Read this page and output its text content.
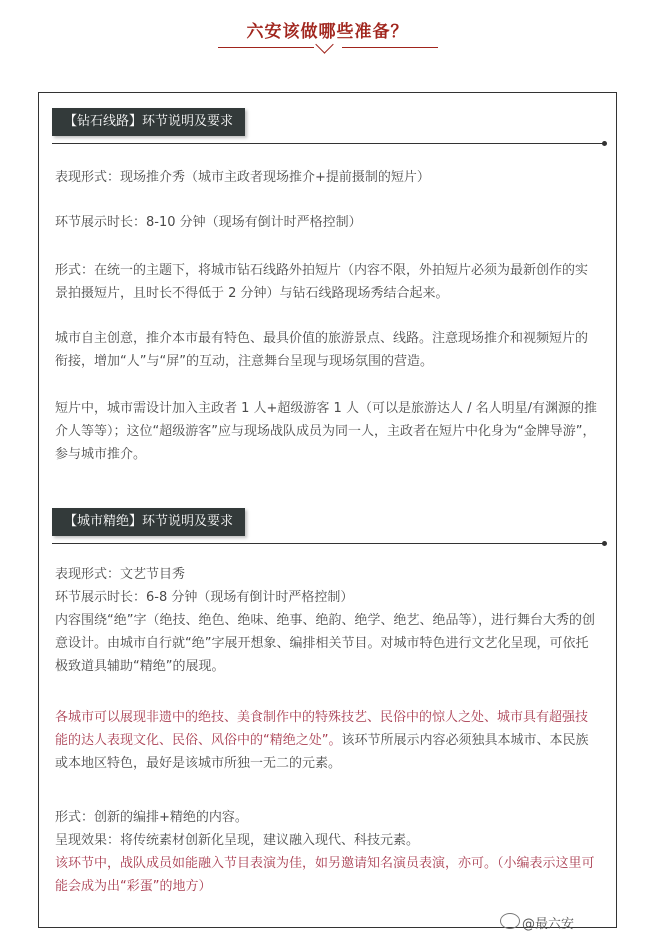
六安该做哪些准备？
【钻石线路】环节说明及要求

表现形式：现场推介秀（城市主政者现场推介+提前摄制的短片）

环节展示时长：8-10 分钟（现场有倒计时严格控制）

形式：在统一的主题下，将城市钻石线路外拍短片（内容不限，外拍短片必须为最新创作的实景拍摄短片，且时长不得低于 2 分钟）与钻石线路现场秀结合起来。

城市自主创意，推介本市最有特色、最具价值的旅游景点、线路。注意现场推介和视频短片的衔接，增加“人”与“屏”的互动，注意舞台呈现与现场氛围的营造。

短片中，城市需设计加入主政者 1 人+超级游客 1 人（可以是旅游达人 / 名人明星/有渊源的推介人等等）；这位“超级游客”应与现场战队成员为同一人，主政者在短片中化身为“金牌导游”，参与城市推介。

【城市精绝】环节说明及要求

表现形式：文艺节目秀

环节展示时长：6-8 分钟（现场有倒计时严格控制）

内容围绕“绝”字（绝技、绝色、绝味、绝事、绝韵、绝学、绝艺、绝品等），进行舞台大秀的创意设计。由城市自行就“绝”字展开想象、编排相关节目。对城市特色进行文艺化呈现，可依托极致道具辅助“精绝”的展现。

各城市可以展现非遗中的绝技、美食制作中的特殊技艺、民俗中的惊人之处、城市具有超强技能的达人表现文化、民俗、风俗中的“精绝之处”。该环节所展示内容必须独具本城市、本民族或本地区特色，最好是该城市所独一无二的元素。

形式：创新的编排+精绝的内容。

呈现效果：将传统素材创新化呈现，建议融入现代、科技元素。

该环节中，战队成员如能融入节目表演为佳，如另邀请知名演员表演，亦可。（小编表示这里可能会成为出“彩蛋”的地方）

@最六安
